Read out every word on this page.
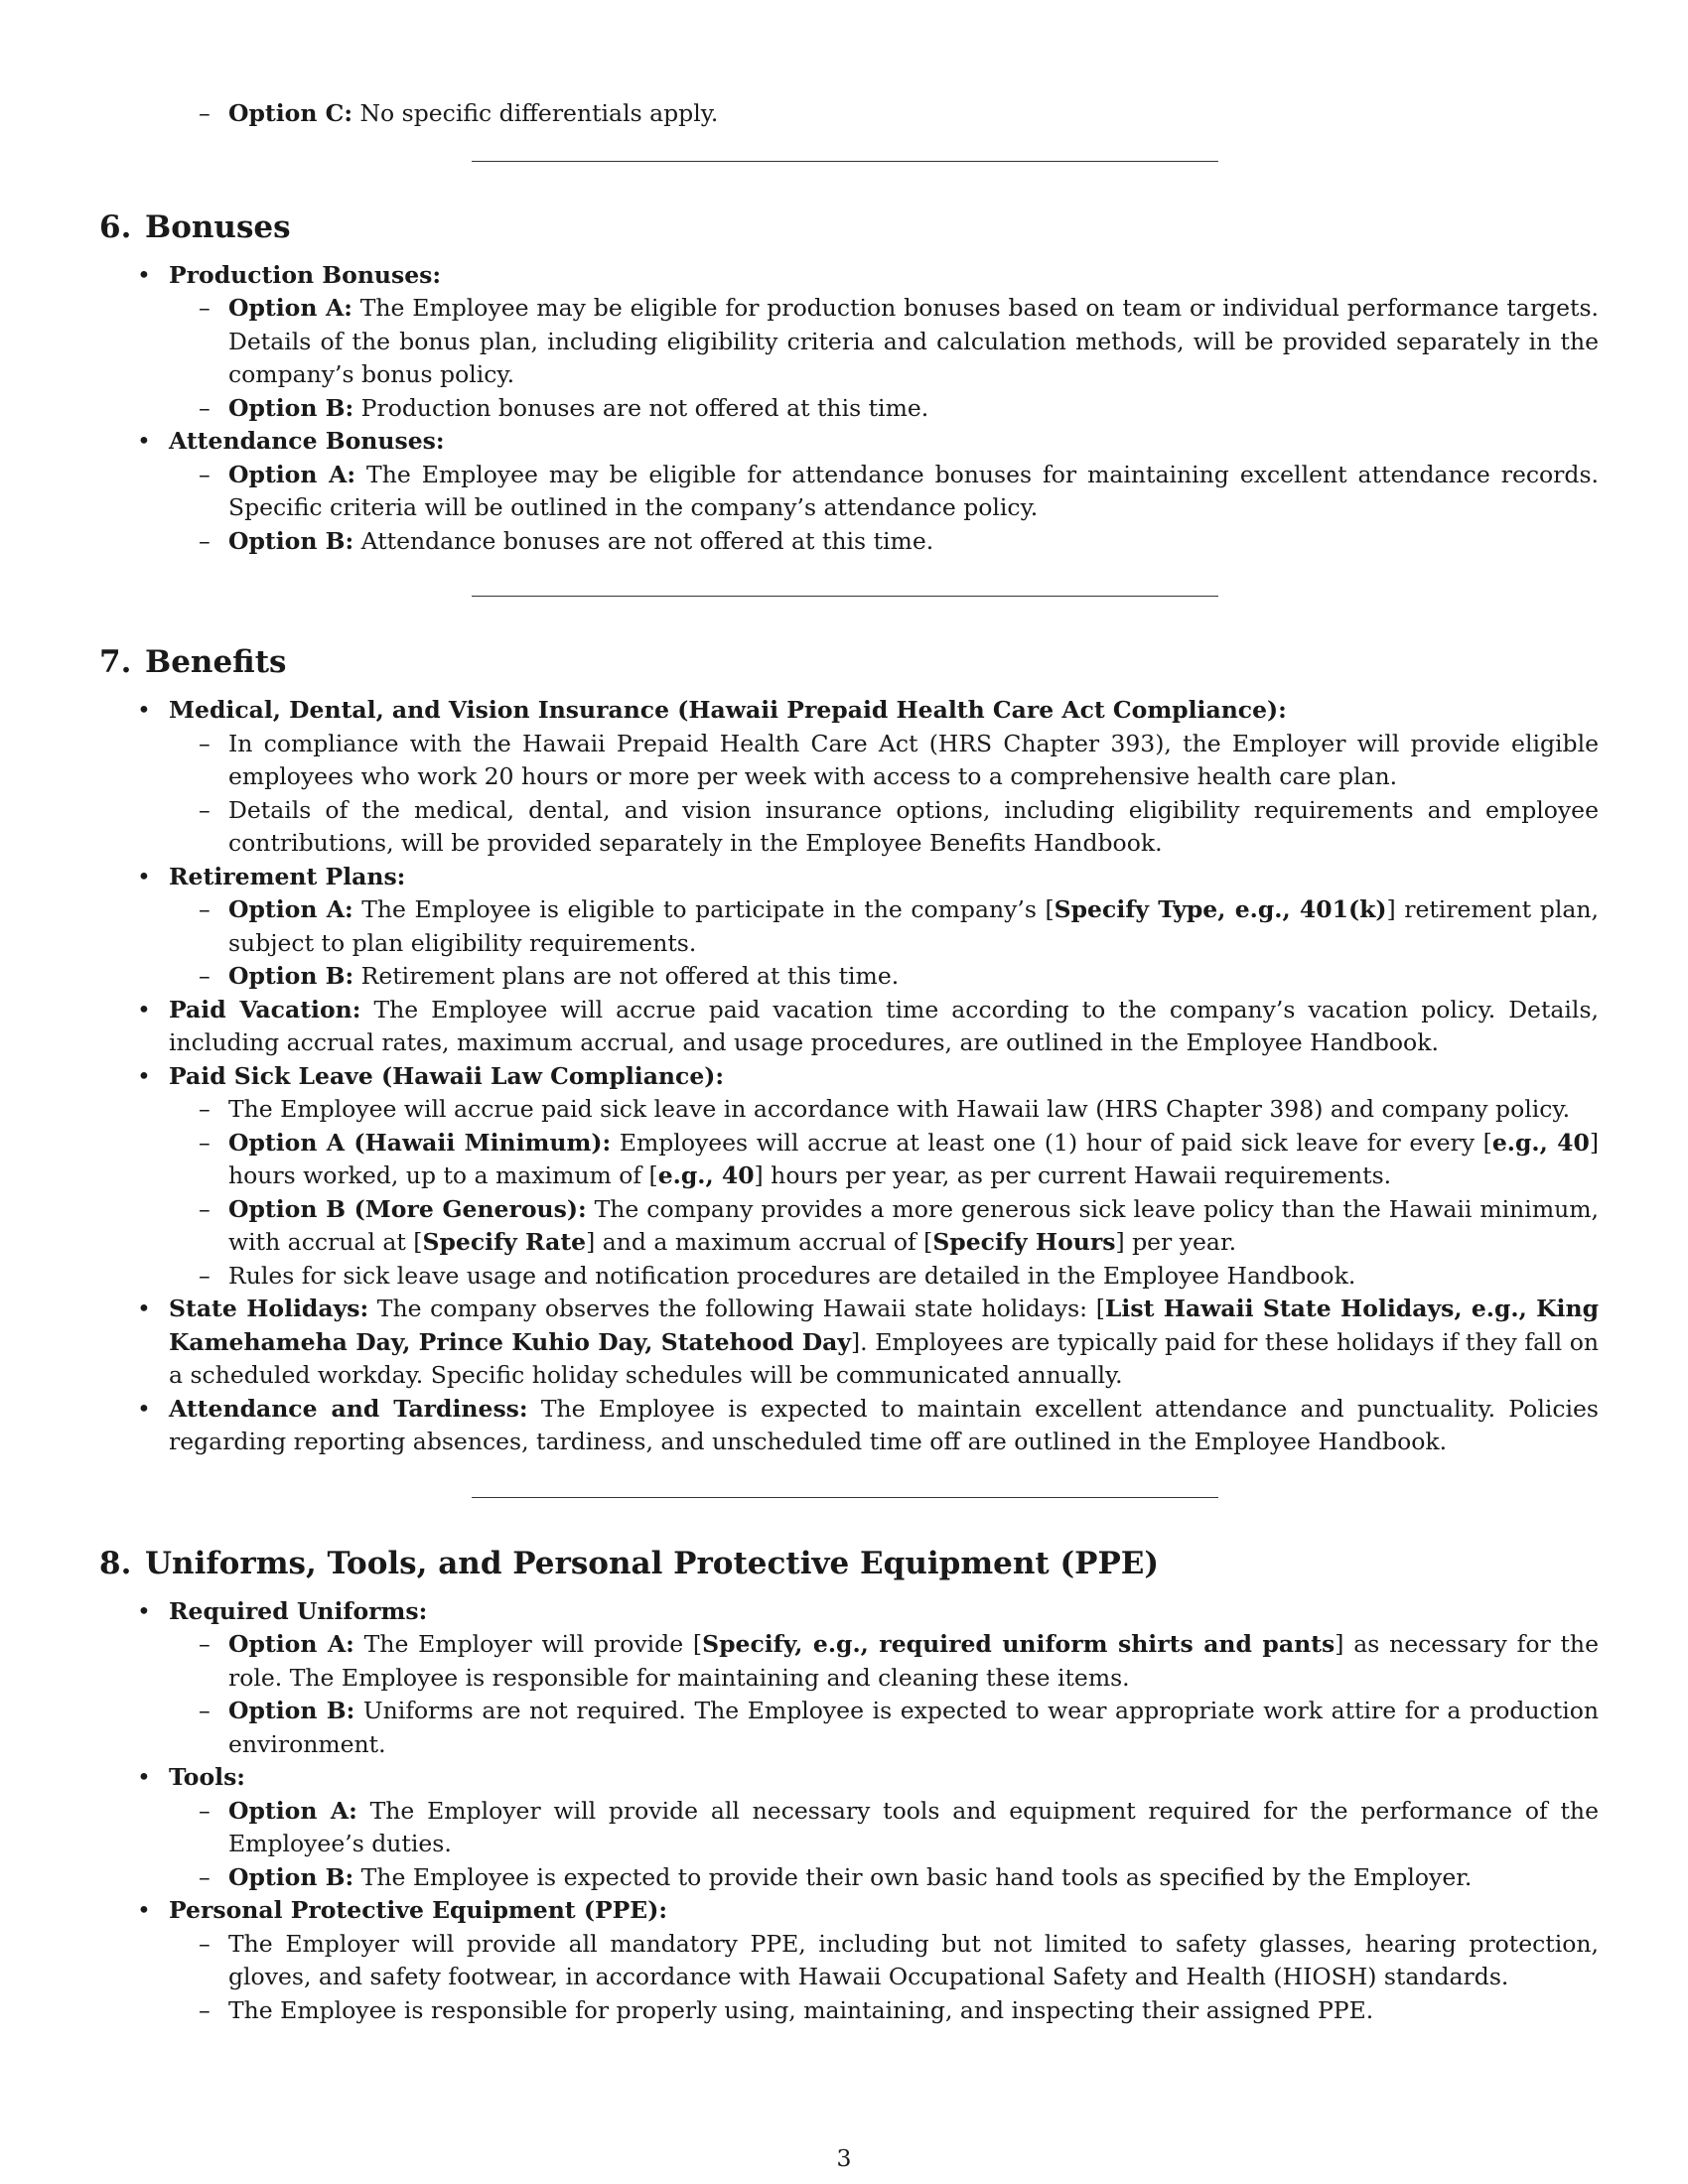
– Option C: No specific differentials apply.
6. Bonuses
• Production Bonuses:
– Option A: The Employee may be eligible for production bonuses based on team or individual performance targets. Details of the bonus plan, including eligibility criteria and calculation methods, will be provided separately in the company’s bonus policy.
– Option B: Production bonuses are not offered at this time.
• Attendance Bonuses:
– Option A: The Employee may be eligible for attendance bonuses for maintaining excellent attendance records. Specific criteria will be outlined in the company’s attendance policy.
– Option B: Attendance bonuses are not offered at this time.
7. Benefits
• Medical, Dental, and Vision Insurance (Hawaii Prepaid Health Care Act Compliance):
– In compliance with the Hawaii Prepaid Health Care Act (HRS Chapter 393), the Employer will provide eligible employees who work 20 hours or more per week with access to a comprehensive health care plan.
– Details of the medical, dental, and vision insurance options, including eligibility requirements and employee contributions, will be provided separately in the Employee Benefits Handbook.
• Retirement Plans:
– Option A: The Employee is eligible to participate in the company’s [Specify Type, e.g., 401(k)] retirement plan, subject to plan eligibility requirements.
– Option B: Retirement plans are not offered at this time.
• Paid Vacation: The Employee will accrue paid vacation time according to the company’s vacation policy. Details, including accrual rates, maximum accrual, and usage procedures, are outlined in the Employee Handbook.
• Paid Sick Leave (Hawaii Law Compliance):
– The Employee will accrue paid sick leave in accordance with Hawaii law (HRS Chapter 398) and company policy.
– Option A (Hawaii Minimum): Employees will accrue at least one (1) hour of paid sick leave for every [e.g., 40] hours worked, up to a maximum of [e.g., 40] hours per year, as per current Hawaii requirements.
– Option B (More Generous): The company provides a more generous sick leave policy than the Hawaii minimum, with accrual at [Specify Rate] and a maximum accrual of [Specify Hours] per year.
– Rules for sick leave usage and notification procedures are detailed in the Employee Handbook.
• State Holidays: The company observes the following Hawaii state holidays: [List Hawaii State Holidays, e.g., King Kamehameha Day, Prince Kuhio Day, Statehood Day]. Employees are typically paid for these holidays if they fall on a scheduled workday. Specific holiday schedules will be communicated annually.
• Attendance and Tardiness: The Employee is expected to maintain excellent attendance and punctuality. Policies regarding reporting absences, tardiness, and unscheduled time off are outlined in the Employee Handbook.
8. Uniforms, Tools, and Personal Protective Equipment (PPE)
• Required Uniforms:
– Option A: The Employer will provide [Specify, e.g., required uniform shirts and pants] as necessary for the role. The Employee is responsible for maintaining and cleaning these items.
– Option B: Uniforms are not required. The Employee is expected to wear appropriate work attire for a production environment.
• Tools:
– Option A: The Employer will provide all necessary tools and equipment required for the performance of the Employee’s duties.
– Option B: The Employee is expected to provide their own basic hand tools as specified by the Employer.
• Personal Protective Equipment (PPE):
– The Employer will provide all mandatory PPE, including but not limited to safety glasses, hearing protection, gloves, and safety footwear, in accordance with Hawaii Occupational Safety and Health (HIOSH) standards.
– The Employee is responsible for properly using, maintaining, and inspecting their assigned PPE.
3
